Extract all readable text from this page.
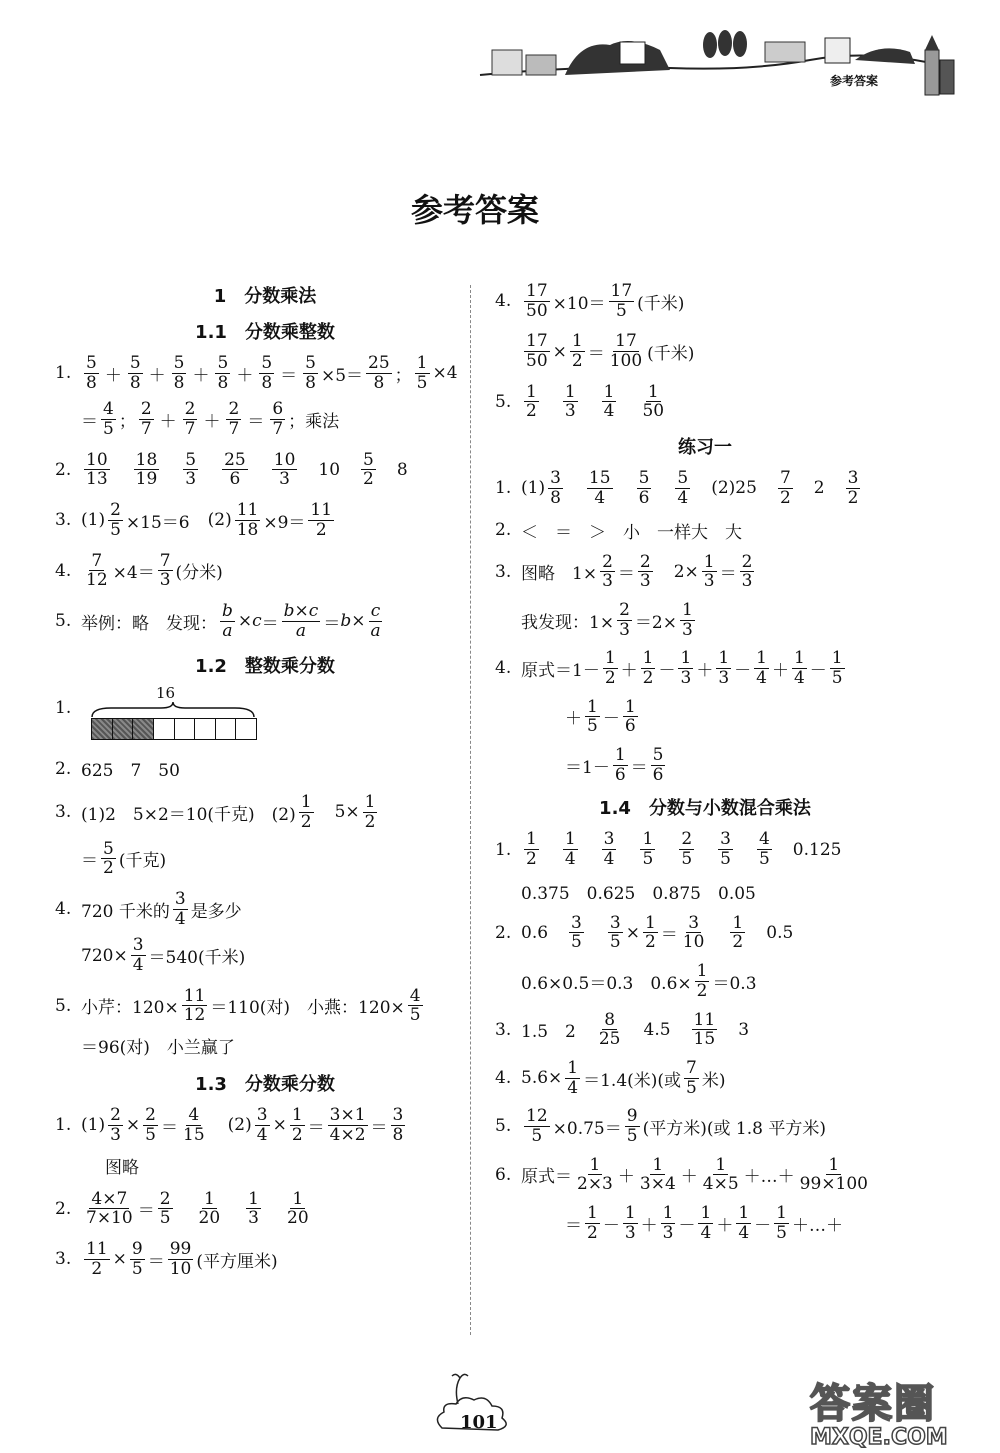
参考答案
参考答案
1　分数乘法
1.1　分数乘整数
1. $\frac{5}{8} + \frac{5}{8} + \frac{5}{8} + \frac{5}{8} + \frac{5}{8} = \frac{5}{8} \times 5= \frac{25}{8}$ ； $\frac{1}{5} \times 4$
＝ $\frac{4}{5}$ ； $\frac{2}{7} + \frac{2}{7} + \frac{2}{7} = \frac{6}{7}$ ；乘法
2. $\frac{10}{13} \frac{18}{19} \frac{5}{3} \frac{25}{6} \frac{10}{3} 10 \frac{5}{2} 8$
3. $(1) \frac{2}{5} \times 15=6$ $(2) \frac{11}{18} \times 9= \frac{11}{2}$
4. $\frac{7}{12} \times 4= \frac{7}{3}$ (分米)
5. 举例：略　发现： $\frac{b}{a} \times c = \frac{b\times c}{a} = b\times \frac{c}{a}$
1.2　整数乘分数
1.
16
2. 625　7　50
3. (1)2　5×2＝10(千克)　$(2) \frac{1}{2} 5\times \frac{1}{2}$
＝ $\frac{5}{2}$ (千克)
4. 720 千米的 $\frac{3}{4}$ 是多少
$720\times \frac{3}{4} =540$(千米)
5. 小芹：$120\times \frac{11}{12} =110$(对)　小燕：$120\times \frac{4}{5}$
＝96(对)　小兰赢了
1.3　分数乘分数
1. $(1) \frac{2}{3} \times \frac{2}{5} = \frac{4}{15} (2) \frac{3}{4} \times \frac{1}{2} = \frac{3\times 1}{4\times 2} = \frac{3}{8}$
图略
2. $\frac{4\times 7}{7\times 10} = \frac{2}{5} \frac{1}{20} \frac{1}{3} \frac{1}{20}$
3. $\frac{11}{2} \times \frac{9}{5} = \frac{99}{10}$ (平方厘米)
4. $\frac{17}{50} \times 10= \frac{17}{5}$ (千米)
$\frac{17}{50} \times \frac{1}{2} = \frac{17}{100}$ (千米)
5. $\frac{1}{2} \frac{1}{3} \frac{1}{4} \frac{1}{50}$
练习一
1. $(1) \frac{3}{8} \frac{15}{4} \frac{5}{6} \frac{5}{4} (2)25 \frac{7}{2} 2 \frac{3}{2}$
2. ＜　＝　＞　小　一样大　大
3. 图略　$1\times \frac{2}{3} = \frac{2}{3} 2\times \frac{1}{3} = \frac{2}{3}$
我发现：$1\times \frac{2}{3} =2\times \frac{1}{3}$
4. 原式$=1- \frac{1}{2} + \frac{1}{2} - \frac{1}{3} + \frac{1}{3} - \frac{1}{4} + \frac{1}{4} - \frac{1}{5}$
＋ $\frac{1}{5} - \frac{1}{6}$
$=1- \frac{1}{6} = \frac{5}{6}$
1.4　分数与小数混合乘法
1. $\frac{1}{2} \frac{1}{4} \frac{3}{4} \frac{1}{5} \frac{2}{5} \frac{3}{5} \frac{4}{5} 0.125$
0.375　0.625　0.875　0.05
2. $0.6 \frac{3}{5} \frac{3}{5} \times \frac{1}{2} = \frac{3}{10} \frac{1}{2} 0.5$
0.6×0.5＝0.3　$0.6\times \frac{1}{2} =0.3$
3. 1.5　$2 \frac{8}{25} 4.5 \frac{11}{15} 3$
4. $5.6\times \frac{1}{4} =1.4$(米)(或 $\frac{7}{5}$ 米)
5. $\frac{12}{5} \times 0.75= \frac{9}{5}$ (平方米)(或 1.8 平方米)
6. 原式＝ $\frac{1}{2\times 3} + \frac{1}{3\times 4} + \frac{1}{4\times 5}$ ＋…＋ $\frac{1}{99\times 100}$
＝ $\frac{1}{2} - \frac{1}{3} + \frac{1}{3} - \frac{1}{4} + \frac{1}{4} - \frac{1}{5}$ ＋…＋
101	答案圈
MXQE.COM
